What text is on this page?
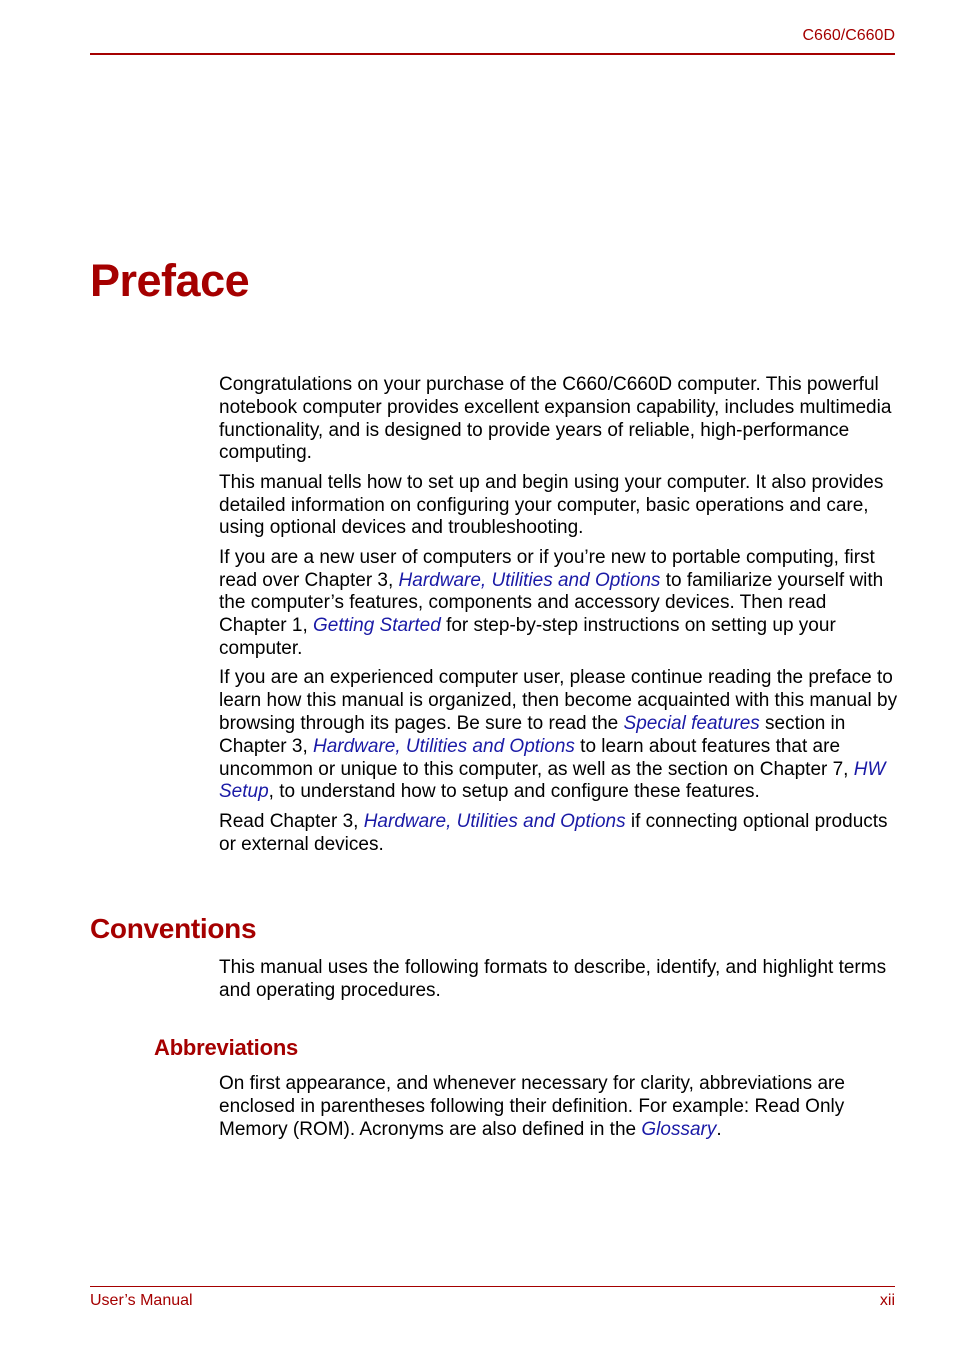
C660/C660D
Preface

Congratulations on your purchase of the C660/C660D computer. This powerful notebook computer provides excellent expansion capability, includes multimedia functionality, and is designed to provide years of reliable, high-performance computing.

This manual tells how to set up and begin using your computer. It also provides detailed information on configuring your computer, basic operations and care, using optional devices and troubleshooting.

If you are a new user of computers or if you’re new to portable computing, first read over Chapter 3, Hardware, Utilities and Options to familiarize yourself with the computer’s features, components and accessory devices. Then read Chapter 1, Getting Started for step-by-step instructions on setting up your computer.

If you are an experienced computer user, please continue reading the preface to learn how this manual is organized, then become acquainted with this manual by browsing through its pages. Be sure to read the Special features section in Chapter 3, Hardware, Utilities and Options to learn about features that are uncommon or unique to this computer, as well as the section on Chapter 7, HW Setup, to understand how to setup and configure these features.

Read Chapter 3, Hardware, Utilities and Options if connecting optional products or external devices.

Conventions

This manual uses the following formats to describe, identify, and highlight terms and operating procedures.

Abbreviations

On first appearance, and whenever necessary for clarity, abbreviations are enclosed in parentheses following their definition. For example: Read Only Memory (ROM). Acronyms are also defined in the Glossary.

User’s Manual	xii
